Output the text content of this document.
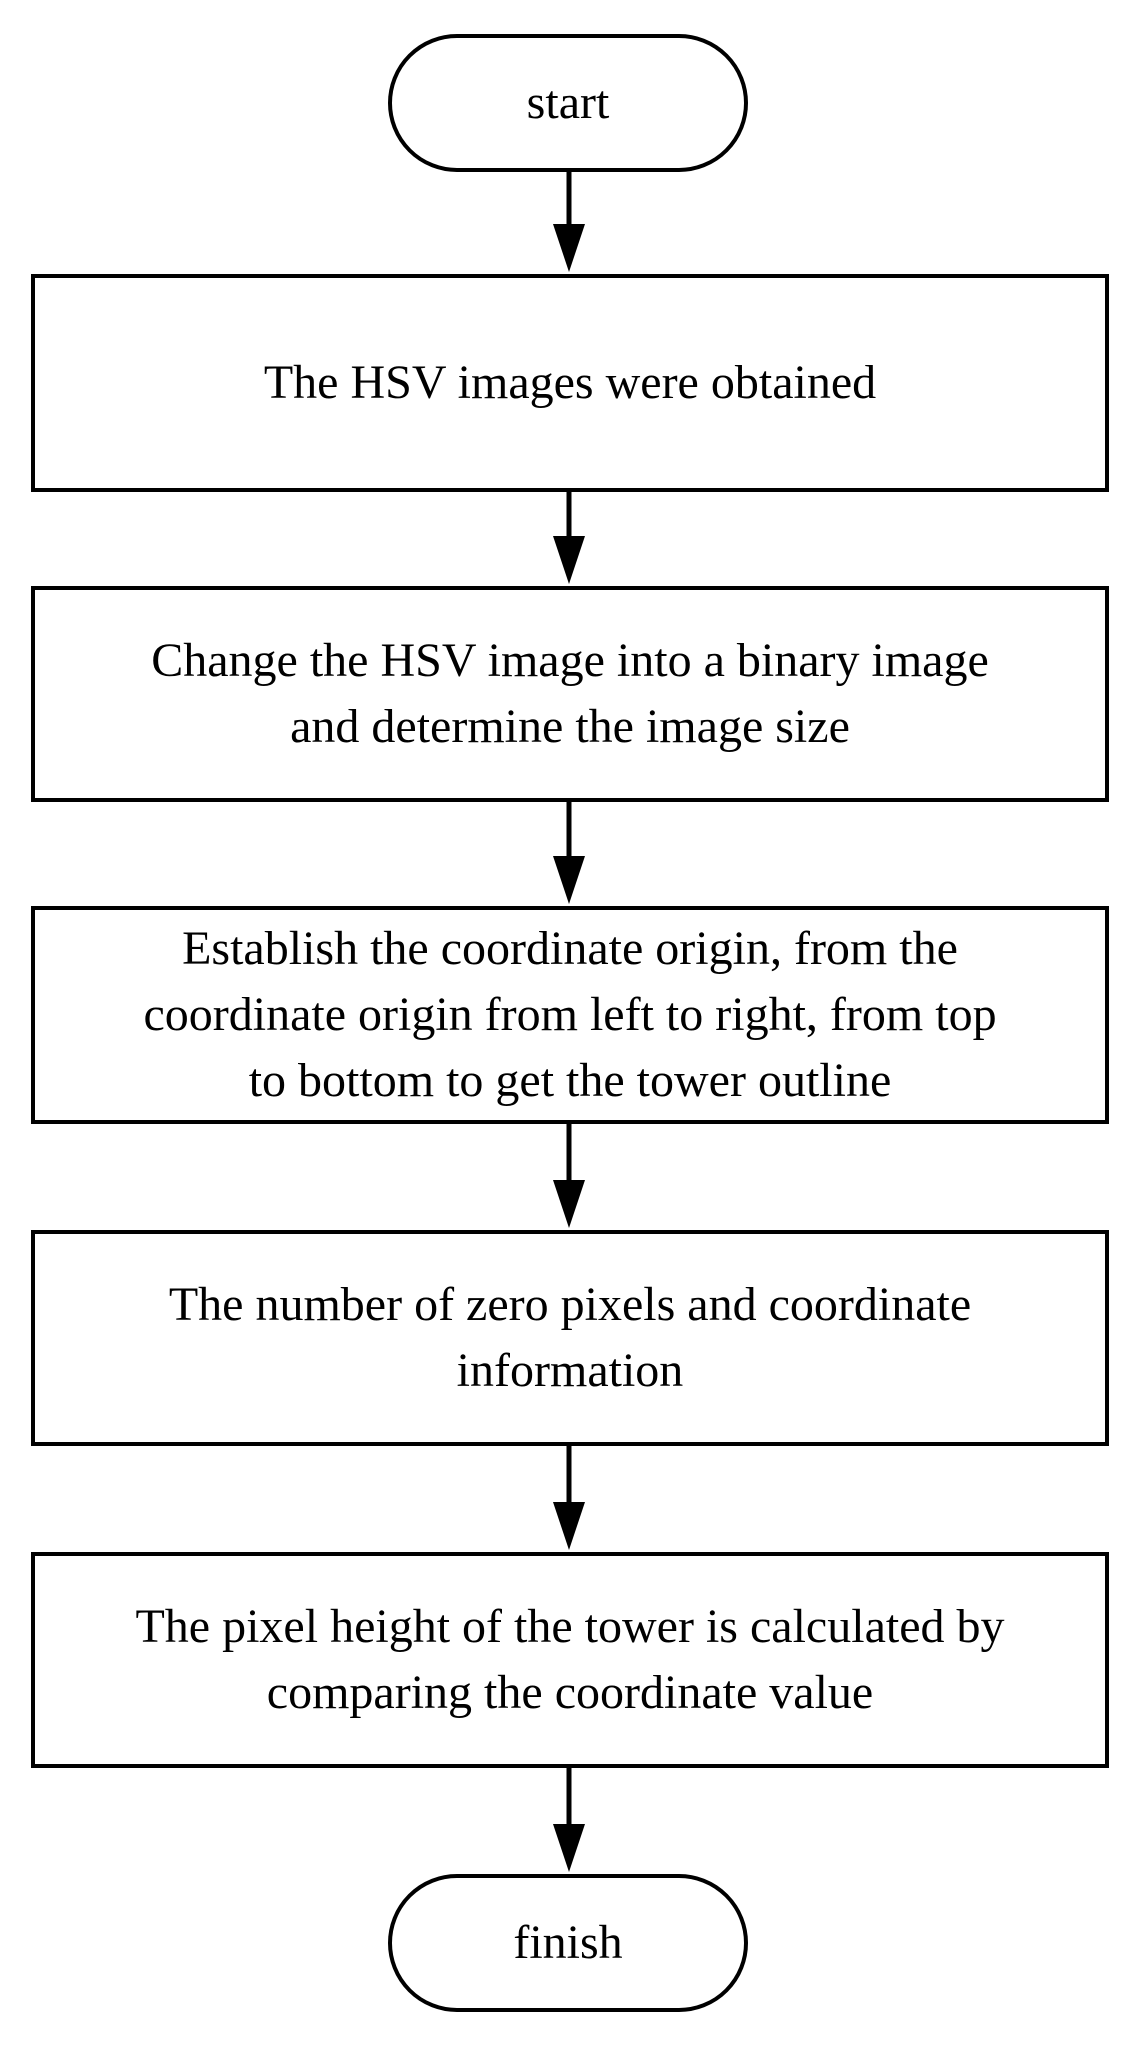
start
The HSV images were obtained
Change the HSV image into a binary image
and determine the image size
Establish the coordinate origin, from the
coordinate origin from left to right, from top
to bottom to get the tower outline
The number of zero pixels and coordinate
information
The pixel height of the tower is calculated by
comparing the coordinate value
finish
